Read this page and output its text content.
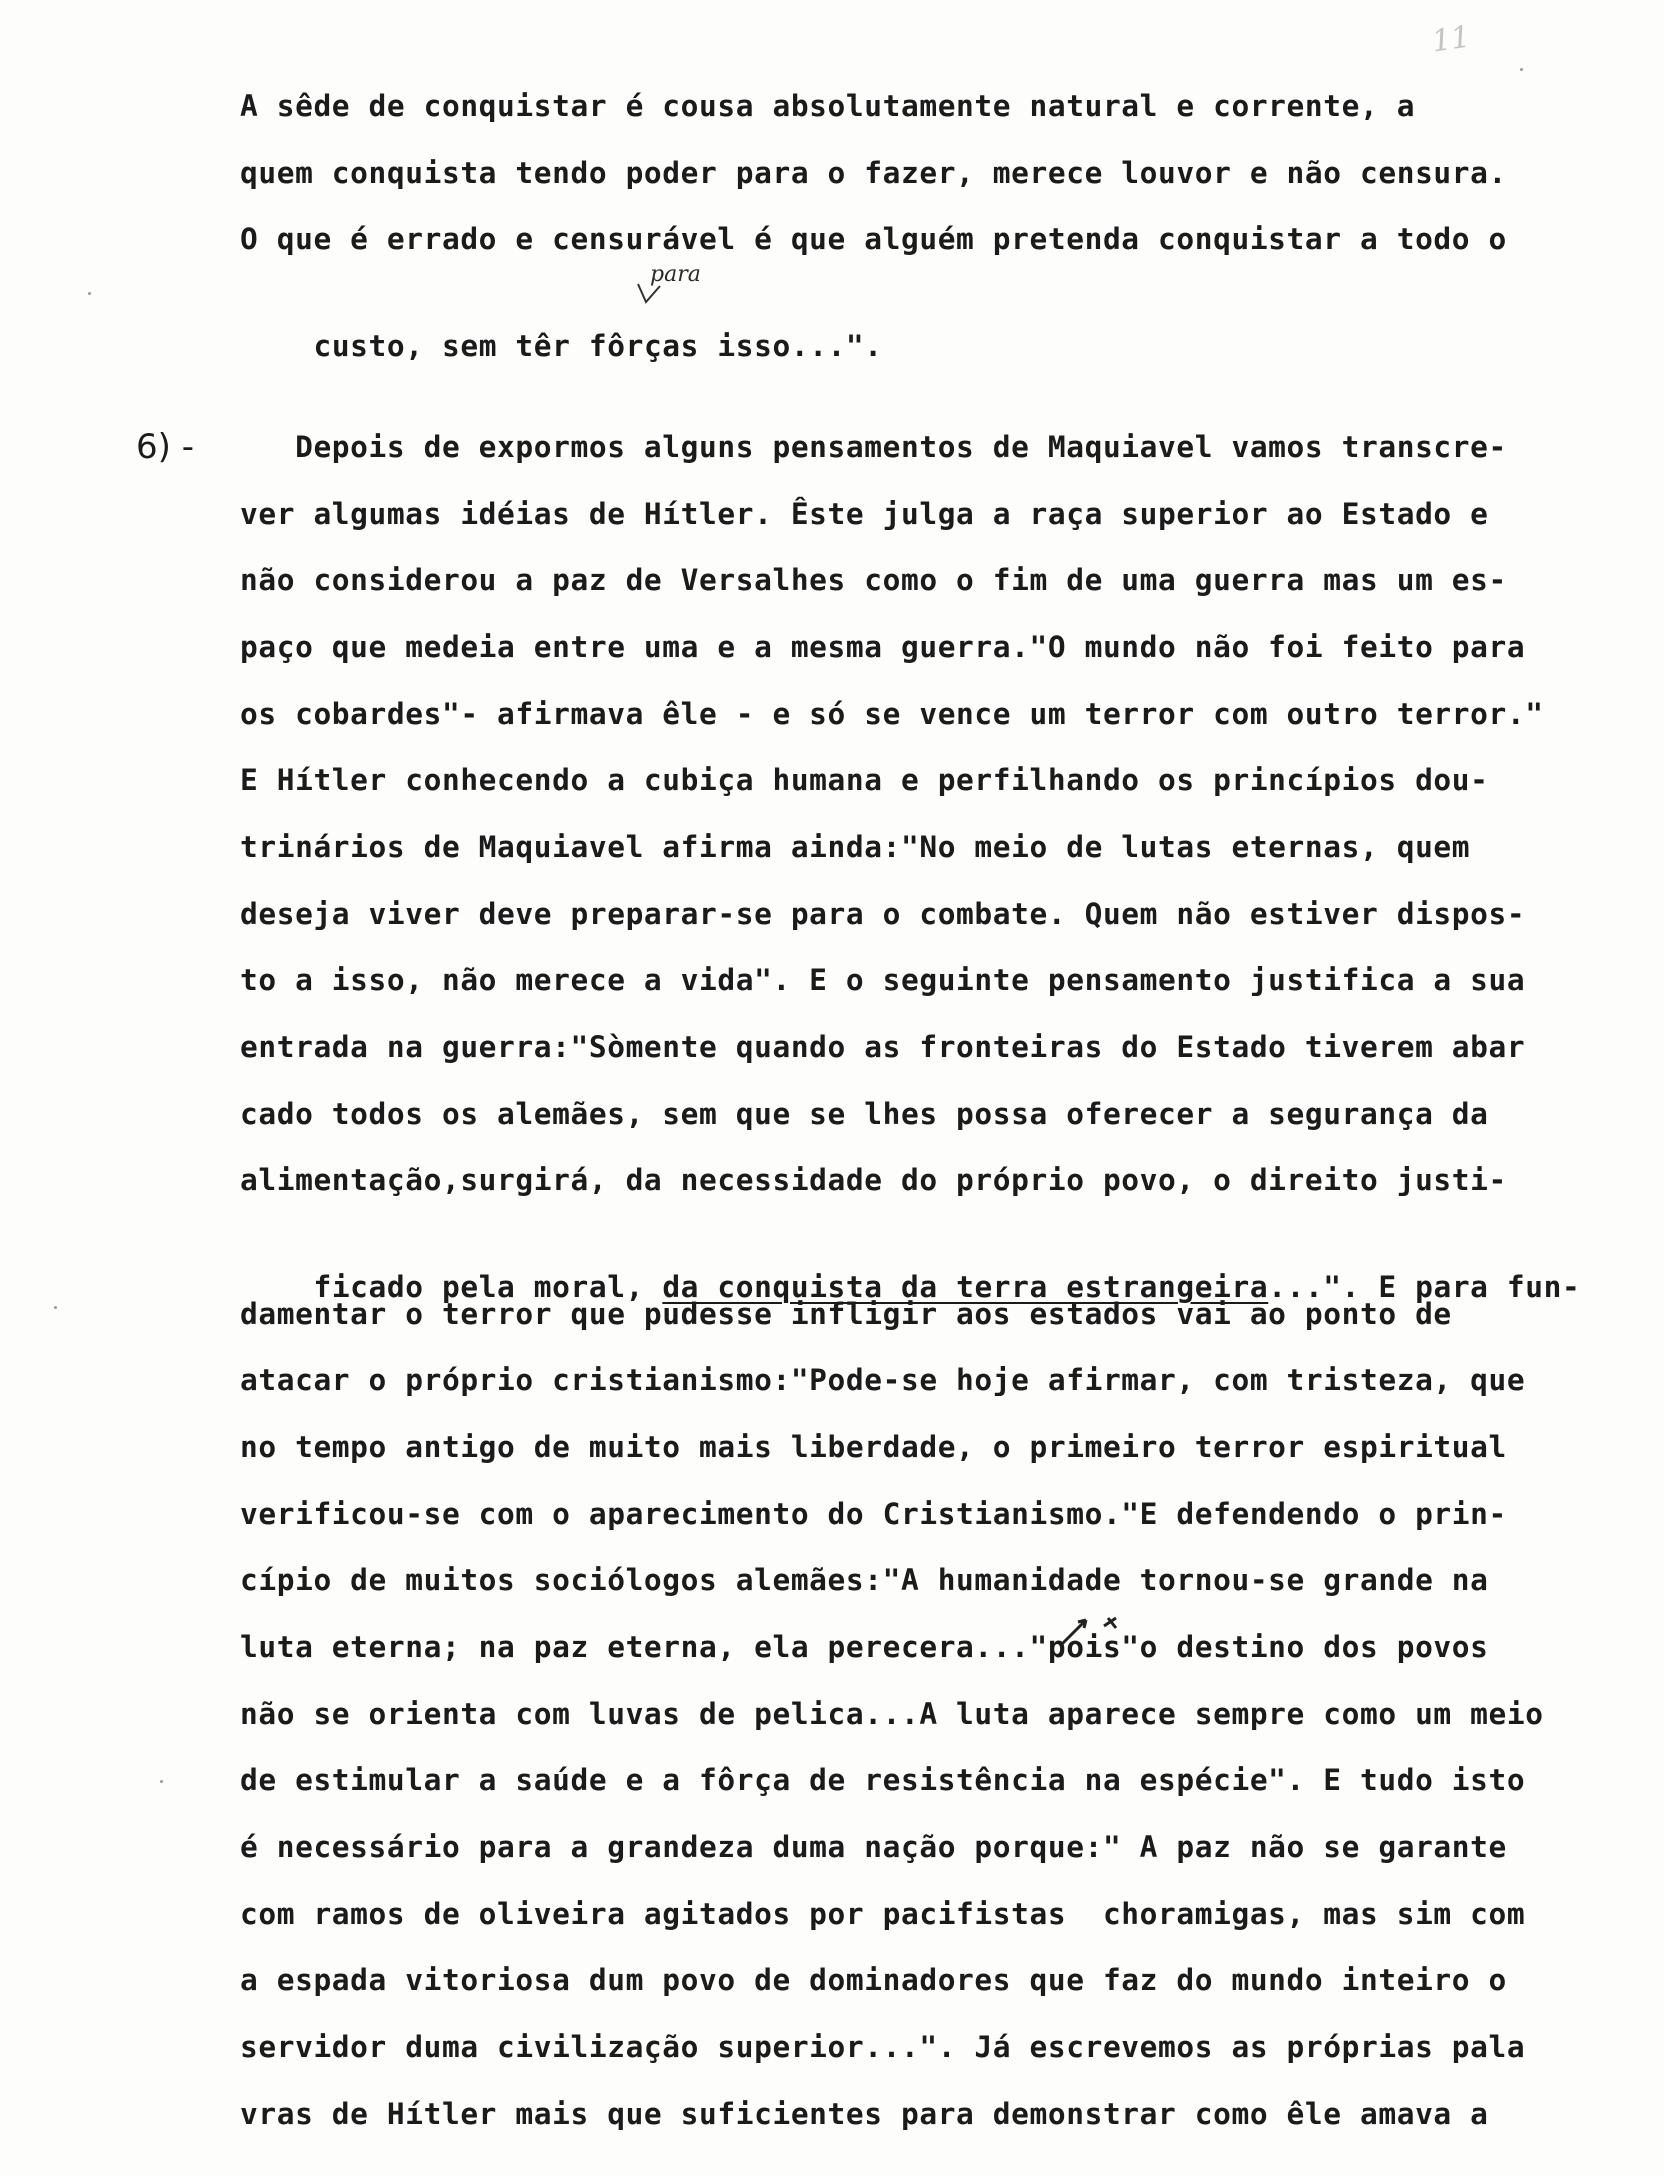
11
A sêde de conquistar é cousa absolutamente natural e corrente, a
quem conquista tendo poder para o fazer, merece louvor e não censura.
O que é errado e censurável é que alguém pretenda conquistar a todo o
para

custo, sem têr fôrças isso...".

6) - Depois de expormos alguns pensamentos de Maquiavel vamos transcre-
ver algumas idéias de Hítler. Êste julga a raça superior ao Estado e
não considerou a paz de Versalhes como o fim de uma guerra mas um es-
paço que medeia entre uma e a mesma guerra."O mundo não foi feito para
os cobardes"- afirmava êle - e só se vence um terror com outro terror."
E Hítler conhecendo a cubiça humana e perfilhando os princípios dou-
trinários de Maquiavel afirma ainda:"No meio de lutas eternas, quem
deseja viver deve preparar-se para o combate. Quem não estiver dispos-
to a isso, não merece a vida". E o seguinte pensamento justifica a sua
entrada na guerra:"Sòmente quando as fronteiras do Estado tiverem abar
cado todos os alemães, sem que se lhes possa oferecer a segurança da
alimentação,surgirá, da necessidade do próprio povo, o direito justi-

ficado pela moral, da conquista da terra estrangeira...". E para fun-

damentar o terror que pudesse infligir aos estados vai ao ponto de
atacar o próprio cristianismo:"Pode-se hoje afirmar, com tristeza, que
no tempo antigo de muito mais liberdade, o primeiro terror espiritual
verificou-se com o aparecimento do Cristianismo."E defendendo o prin-
cípio de muitos sociólogos alemães:"A humanidade tornou-se grande na
luta eterna; na paz eterna, ela perecera..."pois"o destino dos povos
não se orienta com luvas de pelica...A luta aparece sempre como um meio
de estimular a saúde e a fôrça de resistência na espécie". E tudo isto
é necessário para a grandeza duma nação porque:" A paz não se garante
com ramos de oliveira agitados por pacifistas  choramigas, mas sim com
a espada vitoriosa dum povo de dominadores que faz do mundo inteiro o
servidor duma civilização superior...". Já escrevemos as próprias pala
vras de Hítler mais que suficientes para demonstrar como êle amava a
